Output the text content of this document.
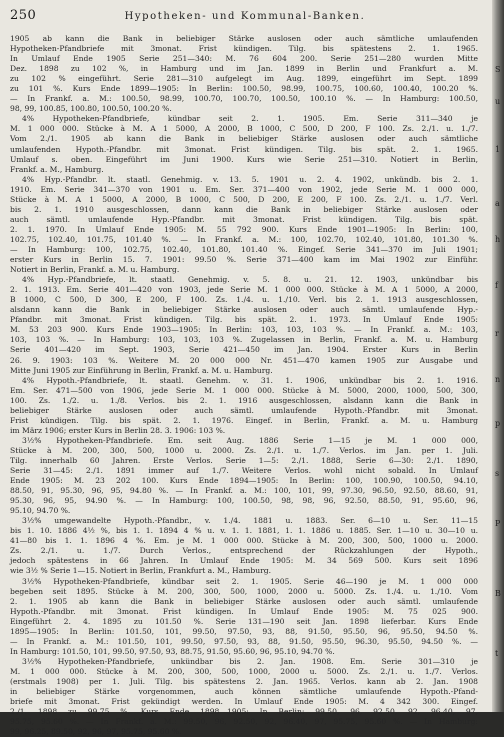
250	Hypotheken- und Kommunal-Banken.
1905 ab kann die Bank in beliebiger Stärke auslosen oder auch sämtliche umlaufenden
Hypotheken-Pfandbriefe mit 3monat. Frist kündigen. Tilg. bis spätestens 2. 1. 1965.
In Umlauf Ende 1905 Serie 251—340: M. 76 604 200. Serie 251—280 wurden Mitte
Dez. 1898 zu 102 %, in Hamburg und im Jan. 1899 in Berlin und Frankfurt a. M.
zu 102 % eingeführt. Serie 281—310 aufgelegt im Aug. 1899, eingeführt im Sept. 1899
zu 101 %. Kurs Ende 1899—1905: In Berlin: 100.50, 98.99, 100.75, 100.60, 100.40, 100.20 %.
— In Frankf. a. M.: 100.50, 98.99, 100.70, 100.70, 100.50, 100.10 %. — In Hamburg: 100.50,
98, 99, 100.85, 100.80, 100.50, 100.20 %.
4% Hypotheken-Pfandbriefe, kündbar seit 2. 1. 1905. Em. Serie 311—340 je
M. 1 000 000. Stücke à M. A 1 5000, A 2000, B 1000, C 500, D 200, F 100. Zs. 2./1. u. 1./7.
Vom 2./1. 1905 ab kann die Bank in beliebiger Stärke auslosen oder auch sämtliche
umlaufenden Hypoth.-Pfandbr. mit 3monat. Frist kündigen. Tilg. bis spät. 2. 1. 1965.
Umlauf s. oben. Eingeführt im Juni 1900. Kurs wie Serie 251—310. Notiert in Berlin,
Frankf. a. M., Hamburg.
4% Hyp.-Pfandbr. lt. staatl. Genehmig. v. 13. 5. 1901 u. 2. 4. 1902, unkündb. bis 2. 1.
1910. Em. Serie 341—370 von 1901 u. Em. Ser. 371—400 von 1902, jede Serie M. 1 000 000,
Stücke à M. A 1 5000, A 2000, B 1000, C 500, D 200, E 200, F 100. Zs. 2./1. u. 1./7. Verl.
bis 2. 1. 1910 ausgeschlossen, dann kann die Bank in beliebiger Stärke auslosen oder
auch sämtl. umlaufende Hyp.-Pfandbr. mit 3monat. Frist kündigen. Tilg. bis spät.
2. 1. 1970. In Umlauf Ende 1905: M. 55 792 900. Kurs Ende 1901—1905: In Berlin: 100,
102.75, 102.40, 101.75, 101.40 %. — In Frankf. a. M.: 100, 102.70, 102.40, 101.80, 101.30 %.
— In Hamburg: 100, 102.75, 102.40, 101.80, 101.40 %. Eingef. Serie 341—370 im Juli 1901;
erster Kurs in Berlin 15. 7. 1901: 99.50 %. Serie 371—400 kam im Mai 1902 zur Einführ.
Notiert in Berlin, Frankf. a. M. u. Hamburg.
4% Hyp.-Pfandbriefe, lt. staatl. Genehmig. v. 5. 8. u. 21. 12. 1903, unkündbar bis
2. 1. 1913. Em. Serie 401—420 von 1903, jede Serie M. 1 000 000. Stücke à M. A 1 5000, A 2000,
B 1000, C 500, D 300, E 200, F 100. Zs. 1./4. u. 1./10. Verl. bis 2. 1. 1913 ausgeschlossen,
alsdann kann die Bank in beliebiger Stärke auslosen oder auch sämtl. umlaufende Hyp.-
Pfandbr. mit 3monat. Frist kündigen. Tilg. bis spät. 2. 1. 1973. In Umlauf Ende 1905:
M. 53 203 900. Kurs Ende 1903—1905: In Berlin: 103, 103, 103 %. — In Frankf. a. M.: 103,
103, 103 %. — In Hamburg: 103, 103, 103 %. Zugelassen in Berlin, Frankf. a. M. u. Hamburg
Serie 401—420 im Sept. 1903, Serie 421—450 im Jan. 1904. Erster Kurs in Berlin
26. 9. 1903: 103 %. Weitere M. 20 000 000 Nr. 451—470 kamen 1905 zur Ausgabe und
Mitte Juni 1905 zur Einführung in Berlin, Frankf. a. M. u. Hamburg.
4% Hypoth.-Pfandbriefe, lt. staatl. Genehm. v. 31. 1. 1906, unkündbar bis 2. 1. 1916.
Em. Ser. 471—500 von 1906, jede Serie M. 1 000 000. Stücke à M. 5000, 2000, 1000, 500, 300,
100. Zs. 1./2. u. 1./8. Verlos. bis 2. 1. 1916 ausgeschlossen, alsdann kann die Bank in
beliebiger Stärke auslosen oder auch sämtl. umlaufende Hypoth.-Pfandbr. mit 3monat.
Frist kündigen. Tilg. bis spät. 2. 1. 1976. Eingef. in Berlin, Frankf. a. M. u. Hamburg
im März 1906; erster Kurs in Berlin 28. 3. 1906: 103 %.
3½% Hypotheken-Pfandbriefe. Em. seit Aug. 1886 Serie 1—15 je M. 1 000 000,
Stücke à M. 200, 300, 500, 1000 u. 2000. Zs. 2./1. u. 1./7. Verlos. im Jan. per 1. Juli.
Tilg. innerhalb 60 Jahren. Erste Verlos. Serie 1—5: 2./1. 1888, Serie 6—30: 2./1. 1890,
Serie 31—45: 2./1. 1891 immer auf 1./7. Weitere Verlos. wohl nicht sobald. In Umlauf
Ende 1905: M. 23 202 100. Kurs Ende 1894—1905: In Berlin: 100, 100.90, 100.50, 94.10,
88.50, 91, 95.30, 96, 95, 94.80 %. — In Frankf. a. M.: 100, 101, 99, 97.30, 96.50, 92.50, 88.60, 91,
95.30, 96, 95, 94.90 %. — In Hamburg: 100, 100.50, 98, 98, 96, 92.50, 88.50, 91, 95.60, 96,
95.10, 94.70 %.
3½% umgewandelte Hypoth.-Pfandbr., v. 1./4. 1881 u. 1883. Ser. 6—10 u. Ser. 11—15
bis 1. 10. 1886 4½ %, bis 1. 1. 1894 4 % u. v. 1. 1. 1881, 1. 1. 1886 u. 1885. Ser. 1—10 u. 30—10 u.
41—80 bis 1. 1. 1896 4 %. Em. je M. 1 000 000. Stücke à M. 200, 300, 500, 1000 u. 2000.
Zs. 2./1. u. 1./7. Durch Verlos., entsprechend der Rückzahlungen der Hypoth.,
jedoch spätestens in 66 Jahren. In Umlauf Ende 1905: M. 34 569 500. Kurs seit 1896
wie 3½ % Serie 1—15. Notiert in Berlin, Frankfurt a. M., Hamburg.
3½% Hypotheken-Pfandbriefe, kündbar seit 2. 1. 1905. Serie 46—190 je M. 1 000 000
begeben seit 1895. Stücke à M. 200, 300, 500, 1000, 2000 u. 5000. Zs. 1./4. u. 1./10. Vom
2. 1. 1905 ab kann die Bank in beliebiger Stärke auslosen oder auch sämtl. umlaufende
Hypoth.-Pfandbr. mit 3monat. Frist kündigen. In Umlauf Ende 1905: M. 75 025 900.
Eingeführt 2. 4. 1895 zu 101.50 %. Serie 131—190 seit Jan. 1898 lieferbar. Kurs Ende
1895—1905: In Berlin: 101.50, 101, 99.50, 97.50, 93, 88, 91.50, 95.50, 96, 95.50, 94.50 %.
— In Frankf. a. M.: 101.50, 101, 99.50, 97.50, 93, 88, 91.50, 95.50, 96.30, 95.50, 94.50 %. —
In Hamburg: 101.50, 101, 99.50, 97.50, 93, 88.75, 91.50, 95.60, 96, 95.10, 94.70 %.
3½% Hypotheken-Pfandbriefe, unkündbar bis 2. Jan. 1908. Em. Serie 301—310 je
M. 1 000 000. Stücke à M. 200, 300, 500, 1000, 2000 u. 5000. Zs. 2./1. u. 1./7. Verlos.
(erstmals 1908) per 1. Juli. Tilg. bis spätestens 2. Jan. 1965. Verlos. kann ab 2. Jan. 1908
in beliebiger Stärke vorgenommen, auch können sämtliche umlaufende Hypoth.-Pfand-
briefe mit 3monat. Frist gekündigt werden. In Umlauf Ende 1905: M. 4 342 300. Eingef.
2./1. 1898 zu 99.75 %. Kurs Ende 1898—1905: In Berlin: 99.50, 96, 92.50, 92, 96.40, 97,
95.75, 95.60 %. — In Frankf. a. M.: 99.50, 96, 92.50, 92, 96.40, 97, 95.75, 95.60 %. — In Hamburg:
99, 96.25, 89.50, 92, 96, 97, 95.75, 95.60 %.
S
u
1
a
h
f
r
n
p
s
P
B
t
